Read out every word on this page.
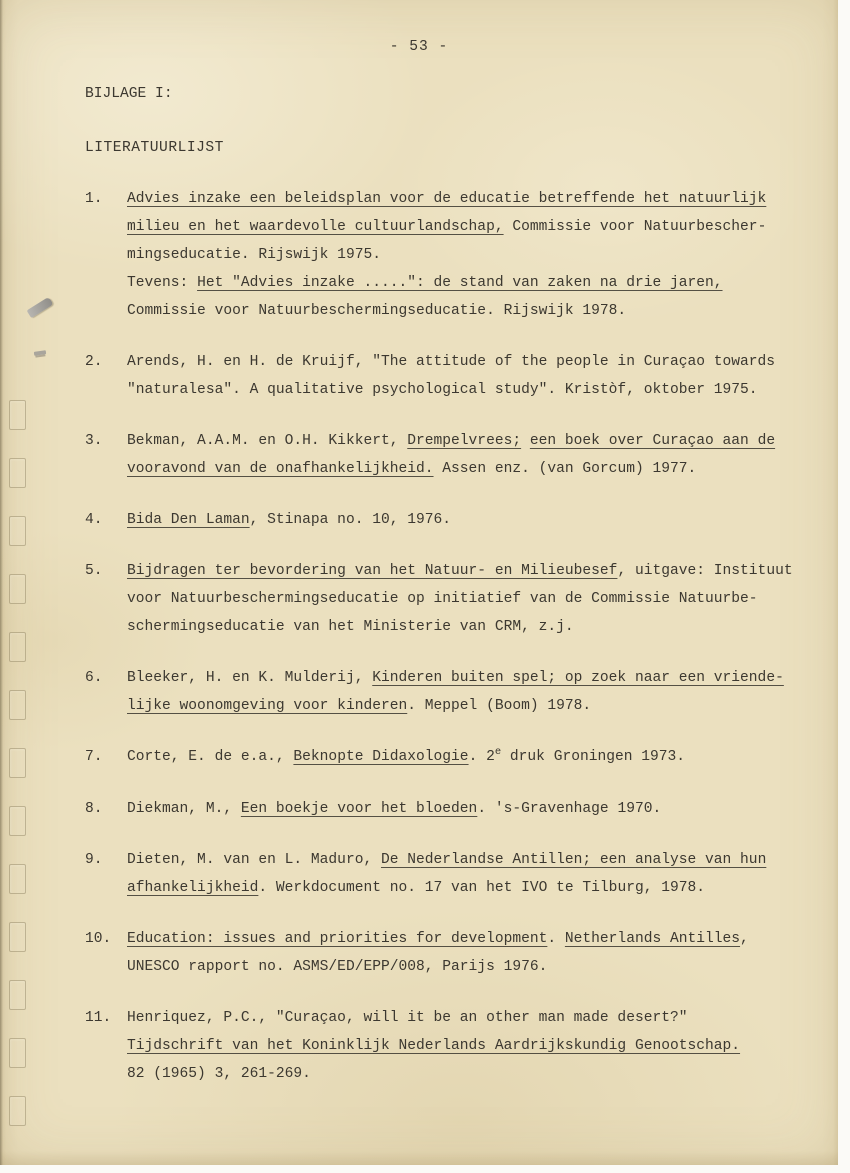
- 53 -
BIJLAGE I:
LITERATUURLIJST
1.	Advies inzake een beleidsplan voor de educatie betreffende het natuurlijk
milieu en het waardevolle cultuurlandschap, Commissie voor Natuurbescher-
mingseducatie. Rijswijk 1975.
Tevens: Het "Advies inzake .....": de stand van zaken na drie jaren,
Commissie voor Natuurbeschermingseducatie. Rijswijk 1978.
2.	Arends, H. en H. de Kruijf, "The attitude of the people in Curaçao towards
"naturalesa". A qualitative psychological study". Kristòf, oktober 1975.
3.	Bekman, A.A.M. en O.H. Kikkert, Drempelvrees; een boek over Curaçao aan de
vooravond van de onafhankelijkheid. Assen enz. (van Gorcum) 1977.
4.	Bida Den Laman, Stinapa no. 10, 1976.
5.	Bijdragen ter bevordering van het Natuur- en Milieubesef, uitgave: Instituut
voor Natuurbeschermingseducatie op initiatief van de Commissie Natuurbe-
schermingseducatie van het Ministerie van CRM, z.j.
6.	Bleeker, H. en K. Mulderij, Kinderen buiten spel; op zoek naar een vriende-
lijke woonomgeving voor kinderen. Meppel (Boom) 1978.
7.	Corte, E. de e.a., Beknopte Didaxologie. 2e druk Groningen 1973.
8.	Diekman, M., Een boekje voor het bloeden. 's-Gravenhage 1970.
9.	Dieten, M. van en L. Maduro, De Nederlandse Antillen; een analyse van hun
afhankelijkheid. Werkdocument no. 17 van het IVO te Tilburg, 1978.
10.	Education: issues and priorities for development. Netherlands Antilles,
UNESCO rapport no. ASMS/ED/EPP/008, Parijs 1976.
11.	Henriquez, P.C., "Curaçao, will it be an other man made desert?"
Tijdschrift van het Koninklijk Nederlands Aardrijkskundig Genootschap.
82 (1965) 3, 261-269.
